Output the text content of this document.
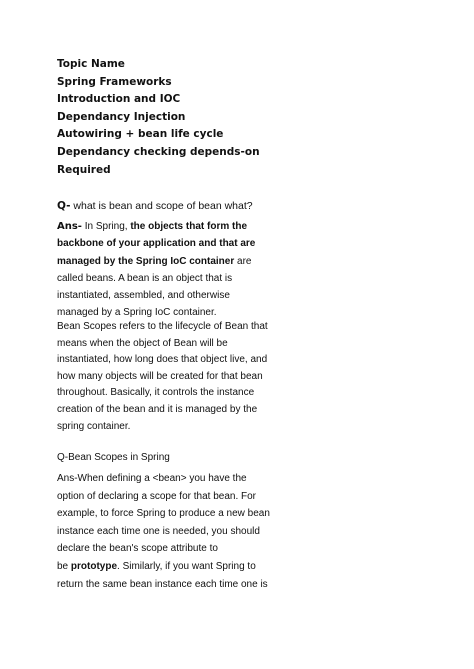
Topic Name
Spring Frameworks
Introduction and IOC
Dependancy Injection
Autowiring + bean life cycle
Dependancy checking depends-on
Required
Q- what is bean and scope of bean what?
Ans- In Spring, the objects that form the
backbone of your application and that are
managed by the Spring IoC container are
called beans. A bean is an object that is
instantiated, assembled, and otherwise
managed by a Spring IoC container.
Bean Scopes refers to the lifecycle of Bean that
means when the object of Bean will be
instantiated, how long does that object live, and
how many objects will be created for that bean
throughout. Basically, it controls the instance
creation of the bean and it is managed by the
spring container.
Q-Bean Scopes in Spring
Ans-When defining a <bean> you have the
option of declaring a scope for that bean. For
example, to force Spring to produce a new bean
instance each time one is needed, you should
declare the bean's scope attribute to
be prototype. Similarly, if you want Spring to
return the same bean instance each time one is
